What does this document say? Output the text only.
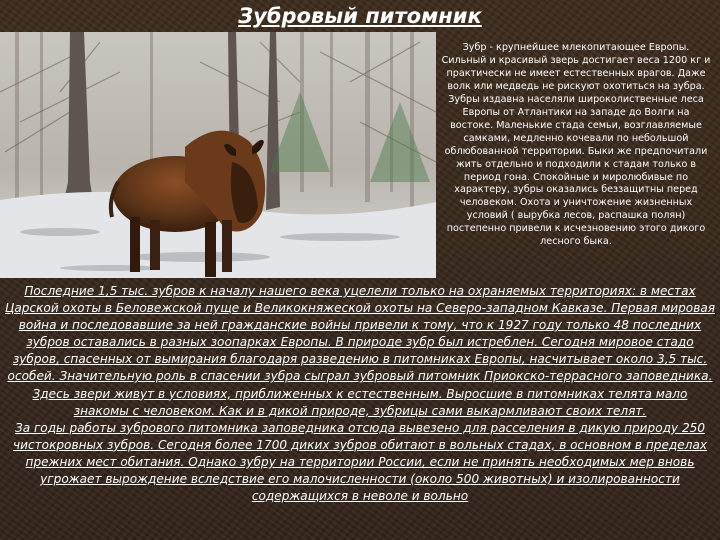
Зубровый питомник
Зубр - крупнейшее млекопитающее Европы. Сильный и красивый зверь достигает веса 1200 кг и практически не имеет естественных врагов. Даже волк или медведь не рискуют охотиться на зубра. Зубры издавна населяли широколиственные леса Европы от Атлантики на западе до Волги на востоке. Маленькие стада семьи, возглавляемые самками, медленно кочевали по небольшой облюбованной территории. Быки же предпочитали жить отдельно и подходили к стадам только в период гона. Спокойные и миролюбивые по характеру, зубры оказались беззащитны перед человеком. Охота и уничтожение жизненных условий ( вырубка лесов, распашка полян) постепенно привели к исчезновению этого дикого лесного быка.
Последние 1,5 тыс. зубров к началу нашего века уцелели только на охраняемых территориях: в местах Царской охоты в Беловежской пуще и Великокняжеской охоты на Северо-западном Кавказе. Первая мировая война и последовавшие за ней гражданские войны привели к тому, что к 1927 году только 48 последних зубров оставались в разных зоопарках Европы. В природе зубр был истреблен. Сегодня мировое стадо зубров, спасенных от вымирания благодаря разведению в питомниках Европы, насчитывает около 3,5 тыс. особей. Значительную роль в спасении зубра сыграл зубровый питомник Приокско-террасного заповедника. Здесь звери живут в условиях, приближенных к естественным. Выросшие в питомниках телята мало знакомы с человеком. Как и в дикой природе, зубрицы сами выкармливают своих телят.
За годы работы зубрового питомника заповедника отсюда вывезено для расселения в дикую природу 250 чистокровных зубров. Сегодня более 1700 диких зубров обитают в вольных стадах, в основном в пределах прежних мест обитания. Однако зубру на территории России, если не принять необходимых мер вновь угрожает вырождение вследствие его малочисленности (около 500 животных) и изолированности содержащихся в неволе и вольно
